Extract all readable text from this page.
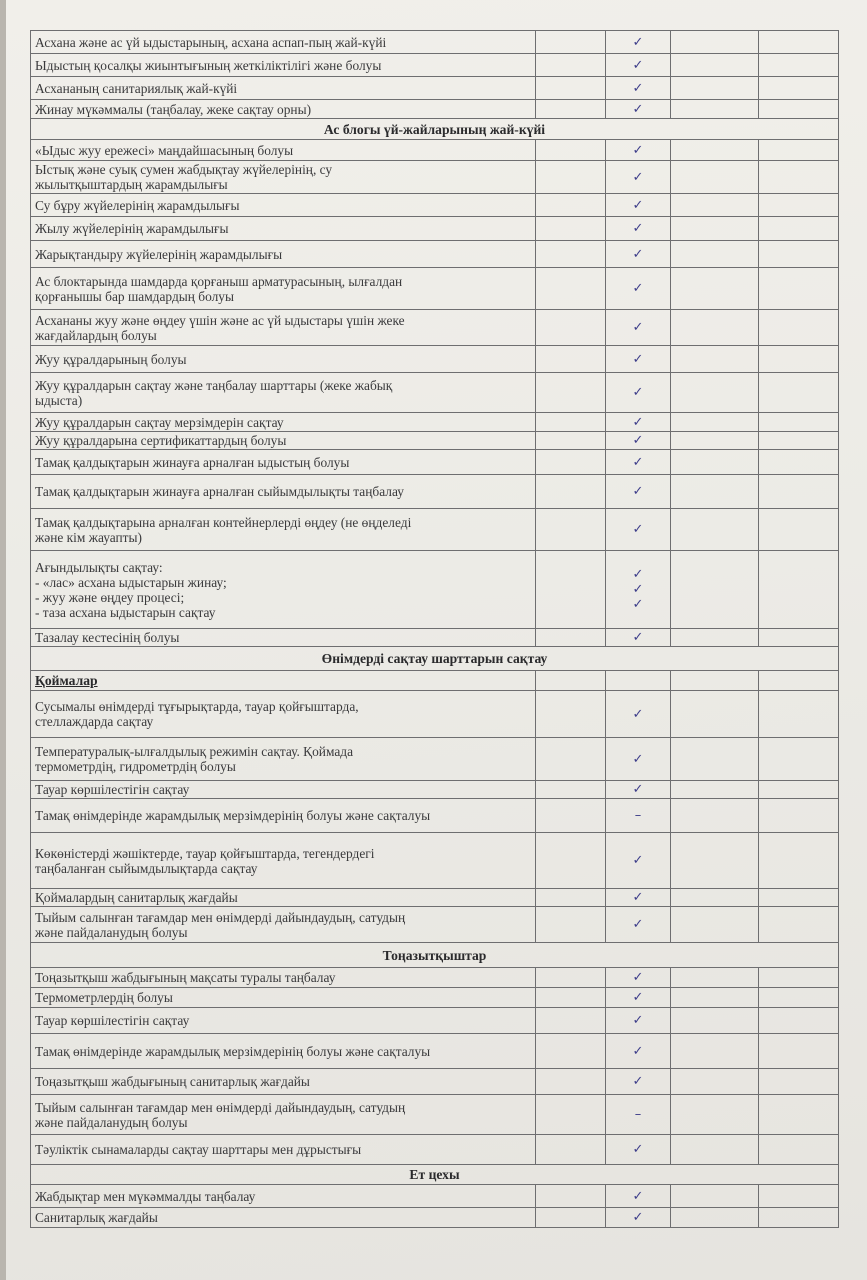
Асхана және ас үй ыдыстарының, асхана аспап-пың жай-күйі		✓		
Ыдыстың қосалқы жиынтығының жеткіліктілігі және болуы		✓		
Асхананың санитариялық жай-күйі		✓		
Жинау мүкәммалы (таңбалау, жеке сақтау орны)		✓		
Ас блогы үй-жайларының жай-күйі				
«Ыдыс жуу ережесі» маңдайшасының болуы		✓		
Ыстық және суық сумен жабдықтау жүйелерінің, су
жылытқыштардың жарамдылығы		✓		
Су бұру жүйелерінің жарамдылығы		✓		
Жылу жүйелерінің жарамдылығы		✓		
Жарықтандыру жүйелерінің жарамдылығы		✓		
Ас блоктарында шамдарда қорғаныш арматурасының, ылғалдан
қорғанышы бар шамдардың болуы		✓		
Асхананы жуу және өңдеу үшін және ас үй ыдыстары үшін жеке
жағдайлардың болуы		✓		
Жуу құралдарының болуы		✓		
Жуу құралдарын сақтау және таңбалау шарттары (жеке жабық
ыдыста)		✓		
Жуу құралдарын сақтау мерзімдерін сақтау		✓		
Жуу құралдарына сертификаттардың болуы		✓		
Тамақ қалдықтарын жинауға арналған ыдыстың болуы		✓		
Тамақ қалдықтарын жинауға арналған сыйымдылықты таңбалау		✓		
Тамақ қалдықтарына арналған контейнерлерді өңдеу (не өңделеді
және кім жауапты)		✓		
Ағындылықты сақтау:
- «лас» асхана ыдыстарын жинау;
- жуу және өңдеу процесі;
- таза асхана ыдыстарын сақтау		✓
✓
✓		
Тазалау кестесінің болуы		✓		
Өнімдерді сақтау шарттарын сақтау				
Қоймалар				
Сусымалы өнімдерді тұғырықтарда, тауар қойғыштарда,
стеллаждарда сақтау		✓		
Температуралық-ылғалдылық режимін сақтау. Қоймада
термометрдің, гидрометрдің болуы		✓		
Тауар көршілестігін сақтау		✓		
Тамақ өнімдерінде жарамдылық мерзімдерінің болуы және сақталуы		–		
Көкөністерді жәшіктерде, тауар қойғыштарда, тегендердегі
таңбаланған сыйымдылықтарда сақтау		✓		
Қоймалардың санитарлық жағдайы		✓		
Тыйым салынған тағамдар мен өнімдерді дайындаудың, сатудың
және пайдаланудың болуы		✓		
Тоңазытқыштар				
Тоңазытқыш жабдығының мақсаты туралы таңбалау		✓		
Термометрлердің болуы		✓		
Тауар көршілестігін сақтау		✓		
Тамақ өнімдерінде жарамдылық мерзімдерінің болуы және сақталуы		✓		
Тоңазытқыш жабдығының санитарлық жағдайы		✓		
Тыйым салынған тағамдар мен өнімдерді дайындаудың, сатудың
және пайдаланудың болуы		–		
Тәуліктік сынамаларды сақтау шарттары мен дұрыстығы		✓		
Ет цехы				
Жабдықтар мен мүкәммалды таңбалау		✓		
Санитарлық жағдайы		✓		
